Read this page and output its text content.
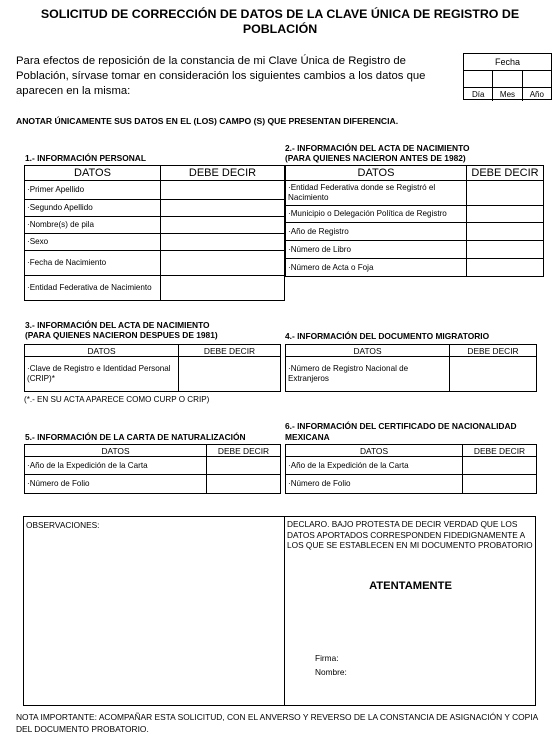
SOLICITUD DE CORRECCIÓN DE DATOS DE LA CLAVE ÚNICA DE REGISTRO DE POBLACIÓN
Para efectos de reposición de la constancia de mi Clave Única de Registro de Población, sírvase tomar en consideración los siguientes cambios a los datos que aparecen en la misma:
Fecha
Día	Mes	Año
ANOTAR ÚNICAMENTE SUS DATOS EN EL (LOS) CAMPO (S) QUE PRESENTAN DIFERENCIA.
1.- INFORMACIÓN PERSONAL
DATOS	DEBE DECIR
·Primer Apellido	
·Segundo Apellido	
·Nombre(s) de pila	
·Sexo	
·Fecha de Nacimiento	
·Entidad Federativa de Nacimiento	
2.- INFORMACIÓN DEL ACTA DE NACIMIENTO
(PARA QUIENES NACIERON ANTES DE 1982)
DATOS	DEBE DECIR
·Entidad Federativa donde se Registró el Nacimiento	
·Municipio o Delegación Política de Registro	
·Año de Registro	
·Número de Libro	
·Número de Acta o Foja	
3.- INFORMACIÓN DEL ACTA DE NACIMIENTO
(PARA QUIENES NACIERON DESPUES DE 1981)
DATOS	DEBE DECIR
·Clave de Registro e Identidad Personal (CRIP)*	
(*.- EN SU ACTA APARECE COMO CURP O CRIP)
4.- INFORMACIÓN DEL DOCUMENTO MIGRATORIO
DATOS	DEBE DECIR
·Número de Registro Nacional de Extranjeros	
5.- INFORMACIÓN DE LA CARTA DE NATURALIZACIÓN
DATOS	DEBE DECIR
·Año de la Expedición de la Carta	
·Número de Folio	
6.- INFORMACIÓN DEL CERTIFICADO DE NACIONALIDAD
MEXICANA
DATOS	DEBE DECIR
·Año de la Expedición de la Carta	
·Número de Folio	
OBSERVACIONES:	DECLARO. BAJO PROTESTA DE DECIR VERDAD QUE LOS DATOS APORTADOS CORRESPONDEN FIDEDIGNAMENTE A LOS QUE SE ESTABLECEN EN MI DOCUMENTO PROBATORIO
ATENTAMENTE
Firma:
Nombre:
NOTA IMPORTANTE: ACOMPAÑAR ESTA SOLICITUD, CON EL ANVERSO Y REVERSO DE LA CONSTANCIA DE ASIGNACIÓN Y COPIA DEL DOCUMENTO PROBATORIO.
